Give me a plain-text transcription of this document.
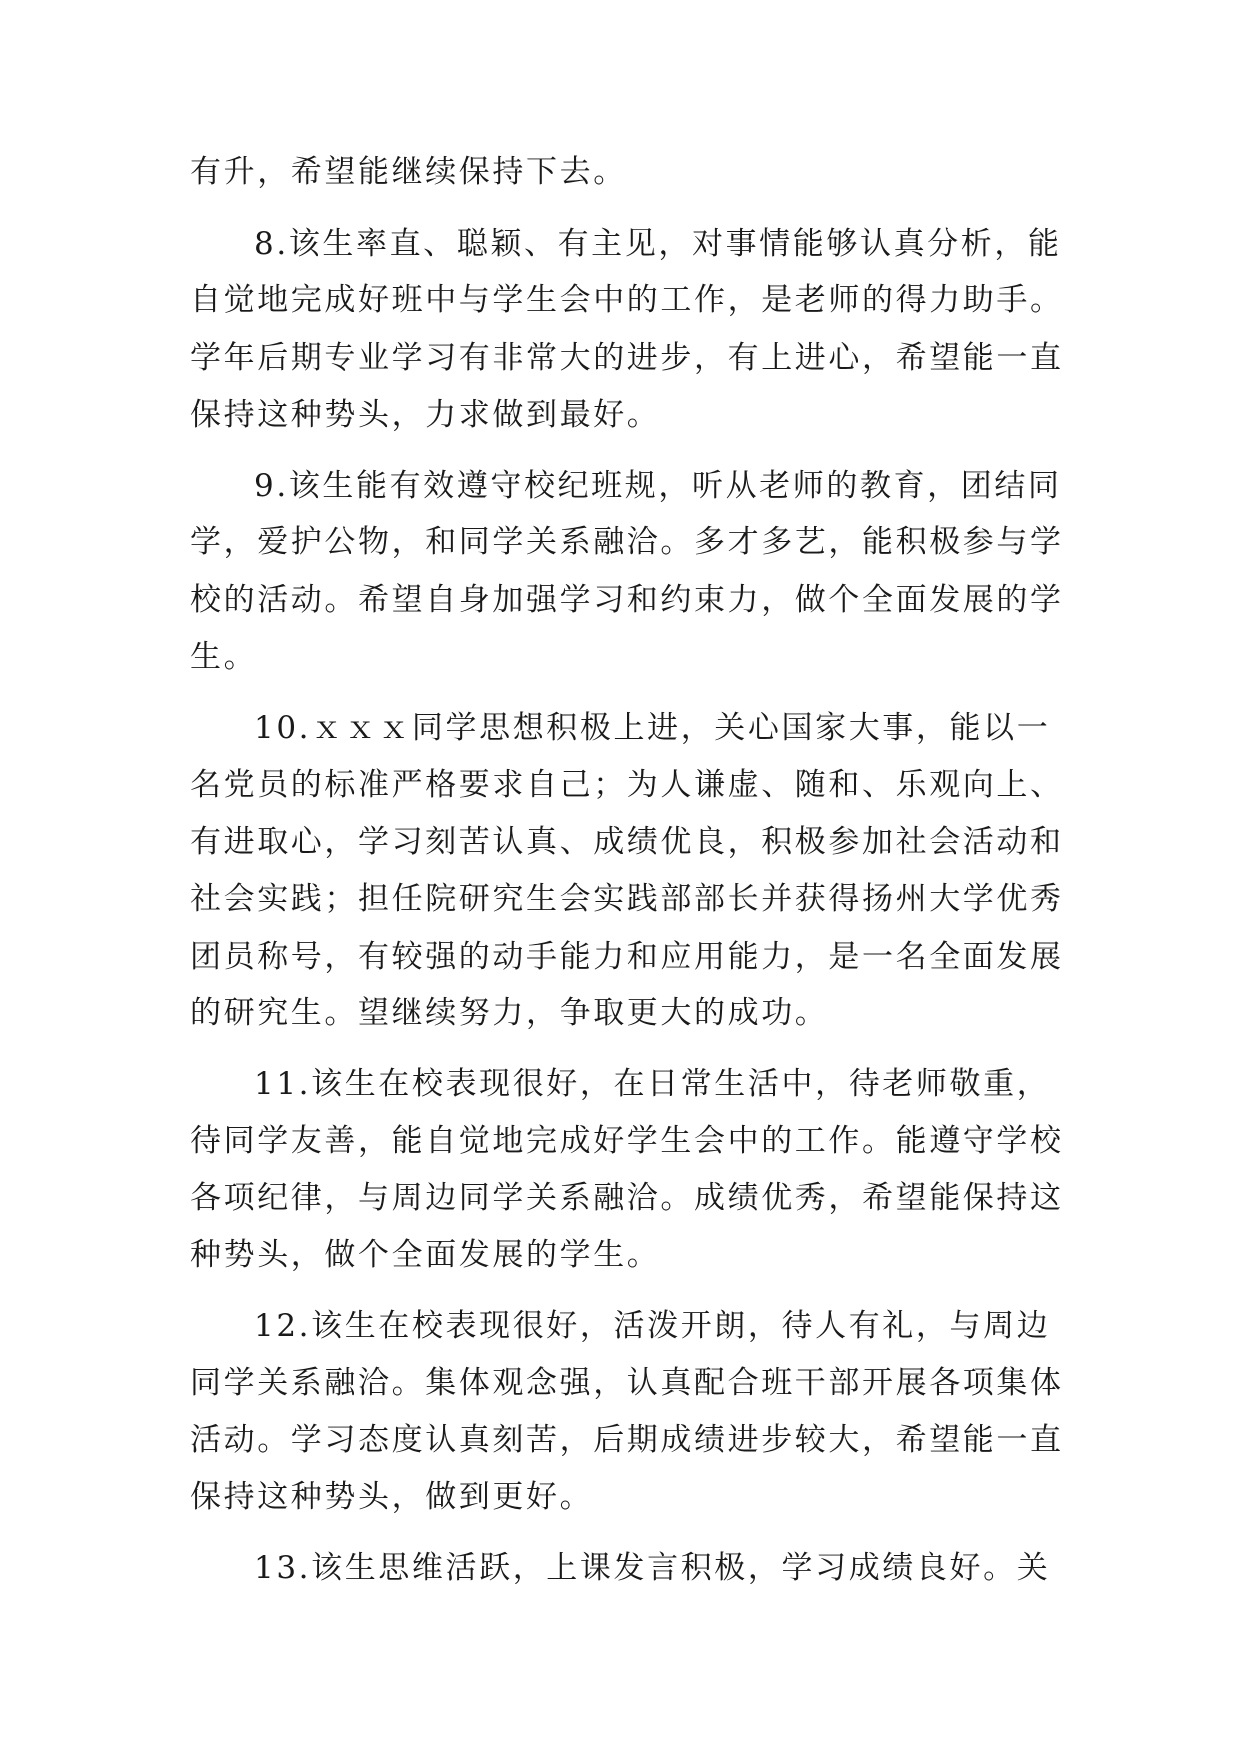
有升，希望能继续保持下去。
8.该生率直、聪颖、有主见，对事情能够认真分析，能
自觉地完成好班中与学生会中的工作，是老师的得力助手。
学年后期专业学习有非常大的进步，有上进心，希望能一直
保持这种势头，力求做到最好。
9.该生能有效遵守校纪班规，听从老师的教育，团结同
学，爱护公物，和同学关系融洽。多才多艺，能积极参与学
校的活动。希望自身加强学习和约束力，做个全面发展的学
生。
10.ｘｘｘ同学思想积极上进，关心国家大事，能以一
名党员的标准严格要求自己；为人谦虚、随和、乐观向上、
有进取心，学习刻苦认真、成绩优良，积极参加社会活动和
社会实践；担任院研究生会实践部部长并获得扬州大学优秀
团员称号，有较强的动手能力和应用能力，是一名全面发展
的研究生。望继续努力，争取更大的成功。
11.该生在校表现很好，在日常生活中，待老师敬重，
待同学友善，能自觉地完成好学生会中的工作。能遵守学校
各项纪律，与周边同学关系融洽。成绩优秀，希望能保持这
种势头，做个全面发展的学生。
12.该生在校表现很好，活泼开朗，待人有礼，与周边
同学关系融洽。集体观念强，认真配合班干部开展各项集体
活动。学习态度认真刻苦，后期成绩进步较大，希望能一直
保持这种势头，做到更好。
13.该生思维活跃，上课发言积极，学习成绩良好。关
